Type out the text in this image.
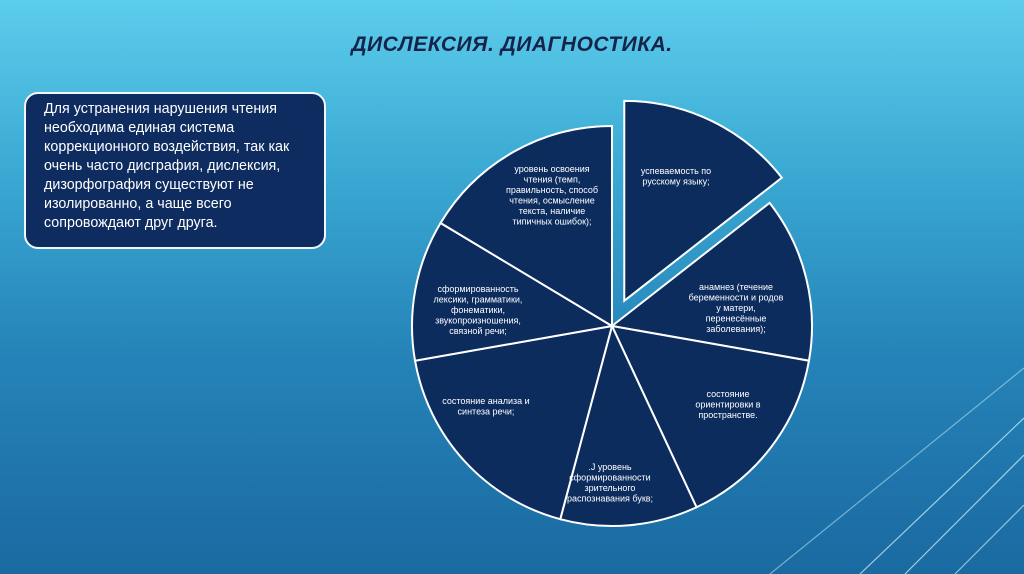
ДИСЛЕКСИЯ. ДИАГНОСТИКА.
Для устранения нарушения чтения необходима единая система коррекционного воздействия, так как очень часто дисграфия, дислексия, дизорфография существуют не изолированно, а чаще всего сопровождают друг друга.
успеваемость по русскому языку;
анамнез (течение беременности и родов у матери, перенесённые заболевания);
состояние ориентировки в пространстве.
.J уровень сформированности зрительного распознавания букв;
состояние анализа и синтеза речи;
сформированность лексики, грамматики, фонематики, звукопроизношения, связной речи;
уровень освоения чтения (темп, правильность, способ чтения, осмысление текста, наличие типичных ошибок);
